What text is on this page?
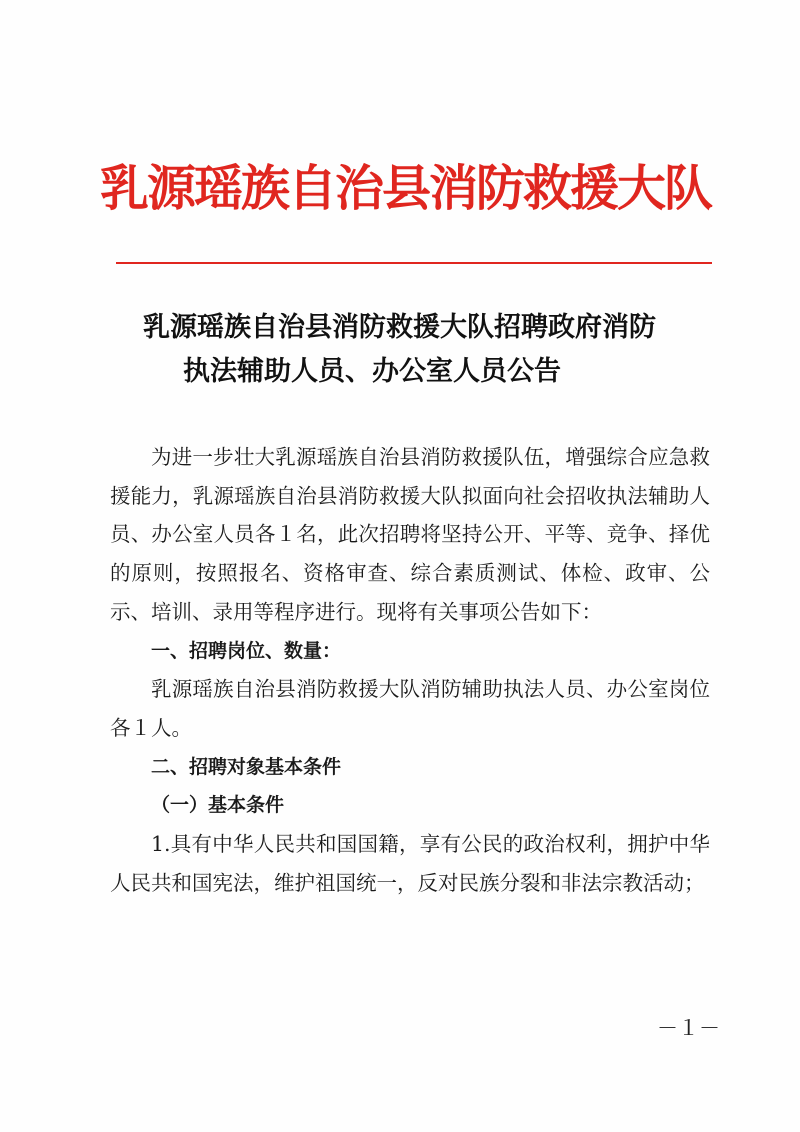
乳源瑶族自治县消防救援大队
乳源瑶族自治县消防救援大队招聘政府消防
执法辅助人员、办公室人员公告

为进一步壮大乳源瑶族自治县消防救援队伍，增强综合应急救援能力，乳源瑶族自治县消防救援大队拟面向社会招收执法辅助人员、办公室人员各１名，此次招聘将坚持公开、平等、竞争、择优的原则，按照报名、资格审查、综合素质测试、体检、政审、公示、培训、录用等程序进行。现将有关事项公告如下：

一、招聘岗位、数量：

乳源瑶族自治县消防救援大队消防辅助执法人员、办公室岗位各１人。

二、招聘对象基本条件

（一）基本条件

1.具有中华人民共和国国籍，享有公民的政治权利，拥护中华人民共和国宪法，维护祖国统一，反对民族分裂和非法宗教活动；

－１－
